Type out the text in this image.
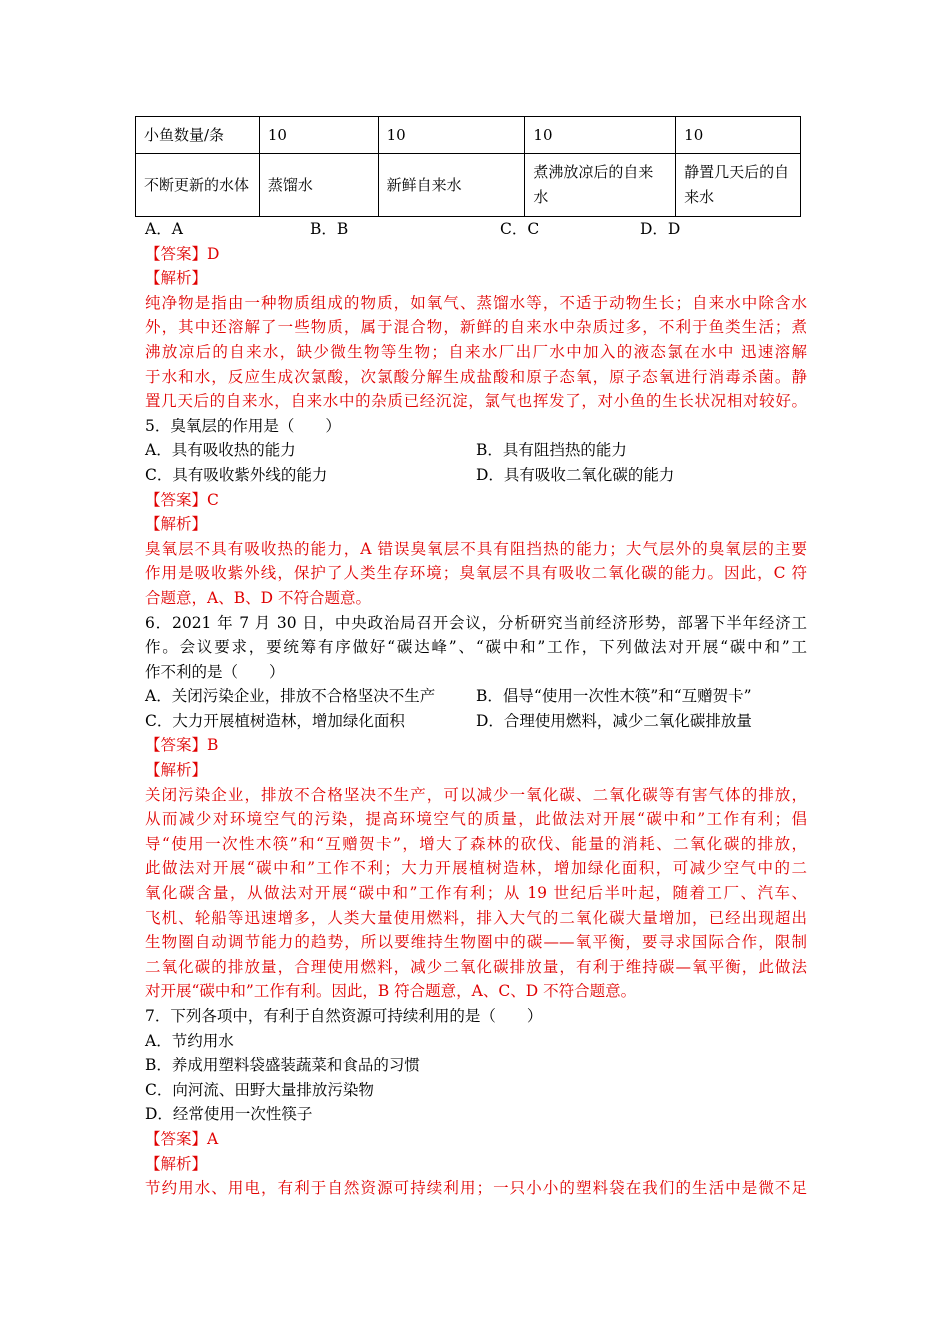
小鱼数量/条	10	10	10	10
不断更新的水体	蒸馏水	新鲜自来水	煮沸放凉后的自来水	静置几天后的自来水
A．A	B．B	C．C	D．D
【答案】D
【解析】
纯净物是指由一种物质组成的物质，如氧气、蒸馏水等，不适于动物生长；自来水中除含水
外，其中还溶解了一些物质，属于混合物，新鲜的自来水中杂质过多，不利于鱼类生活；煮
沸放凉后的自来水，缺少微生物等生物；自来水厂出厂水中加入的液态氯在水中 迅速溶解
于水和水，反应生成次氯酸，次氯酸分解生成盐酸和原子态氧，原子态氧进行消毒杀菌。静
置几天后的自来水，自来水中的杂质已经沉淀，氯气也挥发了，对小鱼的生长状况相对较好。
5．臭氧层的作用是（　　）
A．具有吸收热的能力	B．具有阻挡热的能力
C．具有吸收紫外线的能力	D．具有吸收二氧化碳的能力
【答案】C
【解析】
臭氧层不具有吸收热的能力，A 错误臭氧层不具有阻挡热的能力；大气层外的臭氧层的主要
作用是吸收紫外线，保护了人类生存环境；臭氧层不具有吸收二氧化碳的能力。因此，C 符
合题意，A、B、D 不符合题意。
6．2021 年 7 月 30 日，中央政治局召开会议，分析研究当前经济形势，部署下半年经济工
作。会议要求，要统筹有序做好“碳达峰”、“碳中和”工作，下列做法对开展“碳中和”工
作不利的是（　　）
A．关闭污染企业，排放不合格坚决不生产	B．倡导“使用一次性木筷”和“互赠贺卡”
C．大力开展植树造林，增加绿化面积	D．合理使用燃料，减少二氧化碳排放量
【答案】B
【解析】
关闭污染企业，排放不合格坚决不生产，可以减少一氧化碳、二氧化碳等有害气体的排放，
从而减少对环境空气的污染，提高环境空气的质量，此做法对开展“碳中和”工作有利；倡
导“使用一次性木筷”和“互赠贺卡”，增大了森林的砍伐、能量的消耗、二氧化碳的排放，
此做法对开展“碳中和”工作不利；大力开展植树造林，增加绿化面积，可减少空气中的二
氧化碳含量，从做法对开展“碳中和”工作有利；从 19 世纪后半叶起，随着工厂、汽车、
飞机、轮船等迅速增多，人类大量使用燃料，排入大气的二氧化碳大量增加，已经出现超出
生物圈自动调节能力的趋势，所以要维持生物圈中的碳——氧平衡，要寻求国际合作，限制
二氧化碳的排放量，合理使用燃料，减少二氧化碳排放量，有利于维持碳—氧平衡，此做法
对开展“碳中和”工作有利。因此，B 符合题意，A、C、D 不符合题意。
7．下列各项中，有利于自然资源可持续利用的是（　　）
A．节约用水
B．养成用塑料袋盛装蔬菜和食品的习惯
C．向河流、田野大量排放污染物
D．经常使用一次性筷子
【答案】A
【解析】
节约用水、用电，有利于自然资源可持续利用；一只小小的塑料袋在我们的生活中是微不足
